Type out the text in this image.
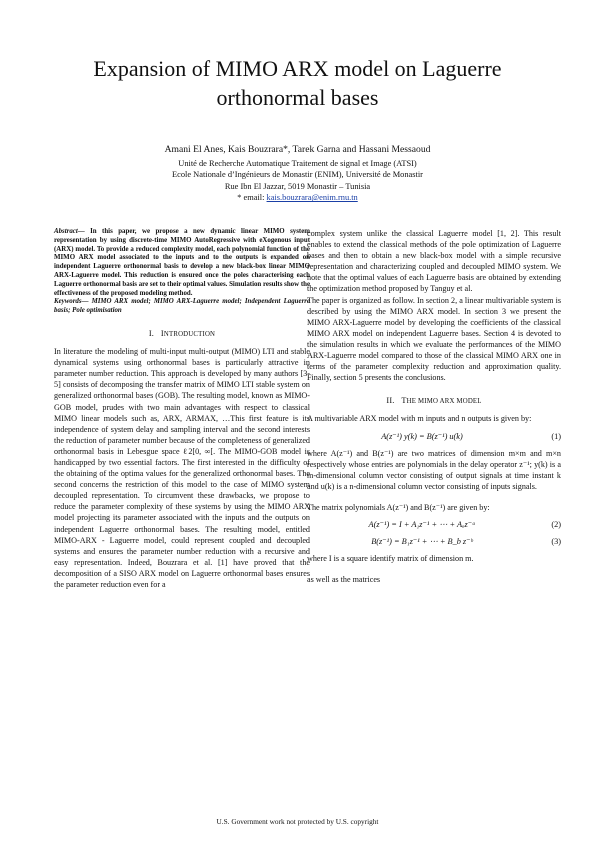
Expansion of MIMO ARX model on Laguerre
orthonormal bases
Amani El Anes, Kais Bouzrara*, Tarek Garna and Hassani Messaoud
Unité de Recherche Automatique Traitement de signal et Image (ATSI)
Ecole Nationale d’Ingénieurs de Monastir (ENIM), Université de Monastir
Rue Ibn El Jazzar, 5019 Monastir – Tunisia
* email: kais.bouzrara@enim.rnu.tn

Abstract— In this paper, we propose a new dynamic linear MIMO system representation by using discrete-time MIMO AutoRegressive with eXogenous input (ARX) model. To provide a reduced complexity model, each polynomial function of the MIMO ARX model associated to the inputs and to the outputs is expanded on independent Laguerre orthonormal basis to develop a new black-box linear MIMO ARX-Laguerre model. This reduction is ensured once the poles characterising each Laguerre orthonormal basis are set to their optimal values. Simulation results show the effectiveness of the proposed modeling method.

Keywords— MIMO ARX model; MIMO ARX-Laguerre model; Independent Laguerre basis; Pole optimisation

I. INTRODUCTION

In literature the modeling of multi-input multi-output (MIMO) LTI and stable dynamical systems using orthonormal bases is particularly attractive in parameter number reduction. This approach is developed by many authors [3-5] consists of decomposing the transfer matrix of MIMO LTI stable system on generalized orthonormal bases (GOB). The resulting model, known as MIMO-GOB model, prudes with two main advantages with respect to classical MIMO linear models such as, ARX, ARMAX, …This first feature is its independence of system delay and sampling interval and the second interests the reduction of parameter number because of the completeness of generalized orthonormal basis in Lebesgue space ℓ2[0, ∞[. The MIMO-GOB model is handicapped by two essential factors. The first interested in the difficulty of the obtaining of the optima values for the generalized orthonormal bases. The second concerns the restriction of this model to the case of MIMO system decoupled representation. To circumvent these drawbacks, we propose to reduce the parameter complexity of these systems by using the MIMO ARX model projecting its parameter associated with the inputs and the outputs on independent Laguerre orthonormal bases. The resulting model, entitled MIMO-ARX - Laguerre model, could represent coupled and decoupled systems and ensures the parameter number reduction with a recursive and easy representation. Indeed, Bouzrara et al. [1] have proved that the decomposition of a SISO ARX model on Laguerre orthonormal bases ensures the parameter reduction even for a

complex system unlike the classical Laguerre model [1, 2]. This result enables to extend the classical methods of the pole optimization of Laguerre bases and then to obtain a new black-box model with a simple recursive representation and characterizing coupled and decoupled MIMO system. We note that the optimal values of each Laguerre basis are obtained by extending the optimization method proposed by Tanguy et al.

The paper is organized as follow. In section 2, a linear multivariable system is described by using the MIMO ARX model. In section 3 we present the MIMO ARX-Laguerre model by developing the coefficients of the classical MIMO ARX model on independent Laguerre bases. Section 4 is devoted to the simulation results in which we evaluate the performances of the MIMO ARX-Laguerre model compared to those of the classical MIMO ARX one in terms of the parameter complexity reduction and approximation quality. Finally, section 5 presents the conclusions.

II. THE MIMO ARX MODEL

A multivariable ARX model with m inputs and n outputs is given by:

A(z⁻¹) y(k) = B(z⁻¹) u(k)	(1)

where A(z⁻¹) and B(z⁻¹) are two matrices of dimension m×m and m×n respectively whose entries are polynomials in the delay operator z⁻¹; y(k) is a m-dimensional column vector consisting of output signals at time instant k and u(k) is a n-dimensional column vector consisting of inputs signals.

The matrix polynomials A(z⁻¹) and B(z⁻¹) are given by:

A(z⁻¹) = I + A₁z⁻¹ + ⋯ + Aₐz⁻ᵃ	(2)
B(z⁻¹) = B₁z⁻¹ + ⋯ + B_b z⁻ᵇ	(3)

where I is a square identify matrix of dimension m.

as well as the matrices

U.S. Government work not protected by U.S. copyright
